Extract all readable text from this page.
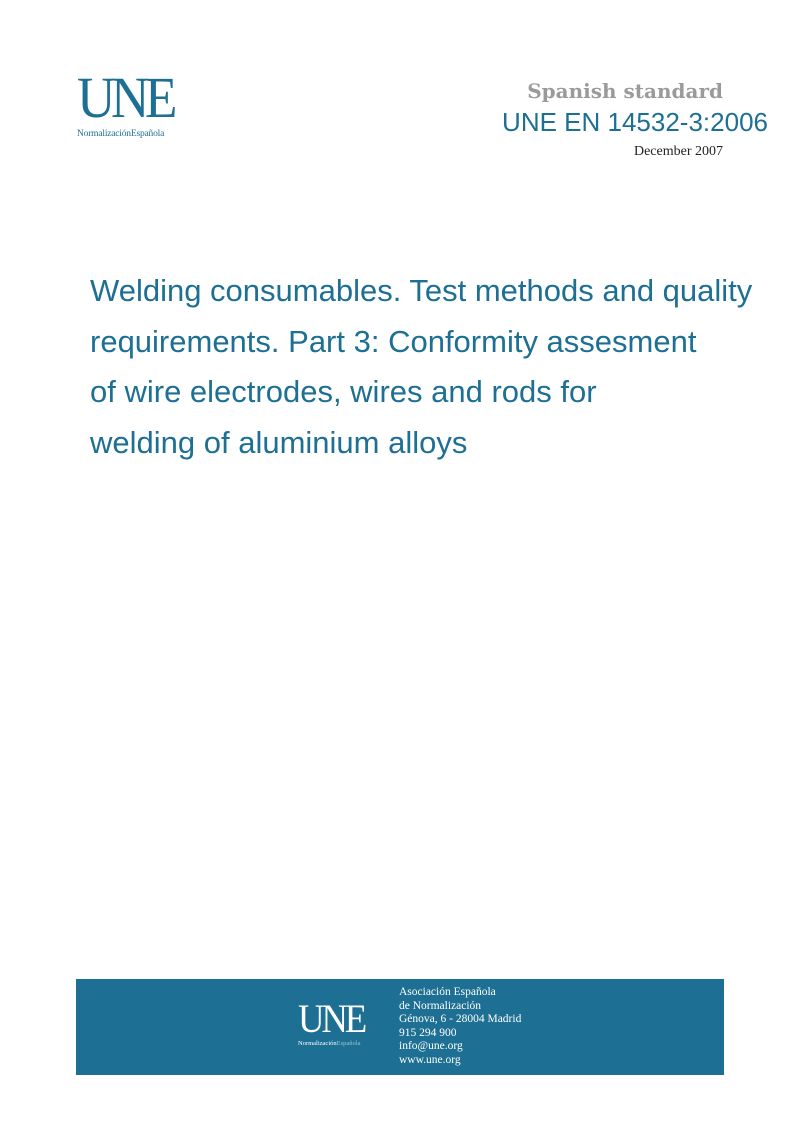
UNE
NormalizaciónEspañola
Spanish standard
UNE EN 14532-3:2006
December 2007
Welding consumables. Test methods and quality
requirements. Part 3: Conformity assesment
of wire electrodes, wires and rods for
welding of aluminium alloys
UNE
NormalizaciónEspañola
Asociación Española
de Normalización
Génova, 6 - 28004 Madrid
915 294 900
info@une.org
www.une.org
